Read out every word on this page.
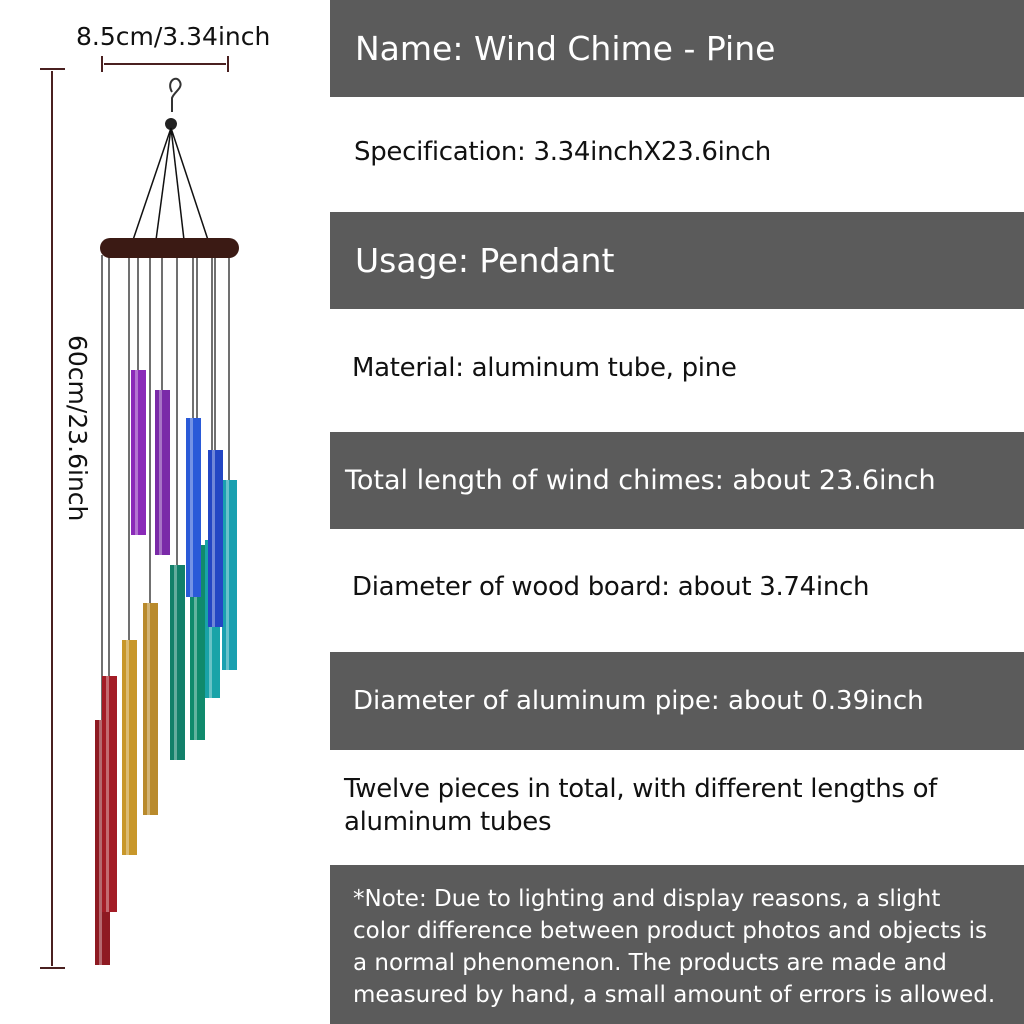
8.5cm/3.34inch
60cm/23.6inch
Name: Wind Chime - Pine
Specification: 3.34inchX23.6inch
Usage: Pendant
Material: aluminum tube, pine
Total length of wind chimes: about 23.6inch
Diameter of wood board: about 3.74inch
Diameter of aluminum pipe: about 0.39inch
Twelve pieces in total, with different lengths of
aluminum tubes
*Note: Due to lighting and display reasons, a slight color difference between product photos and objects is a normal phenomenon. The products are made and measured by hand, a small amount of errors is allowed.
